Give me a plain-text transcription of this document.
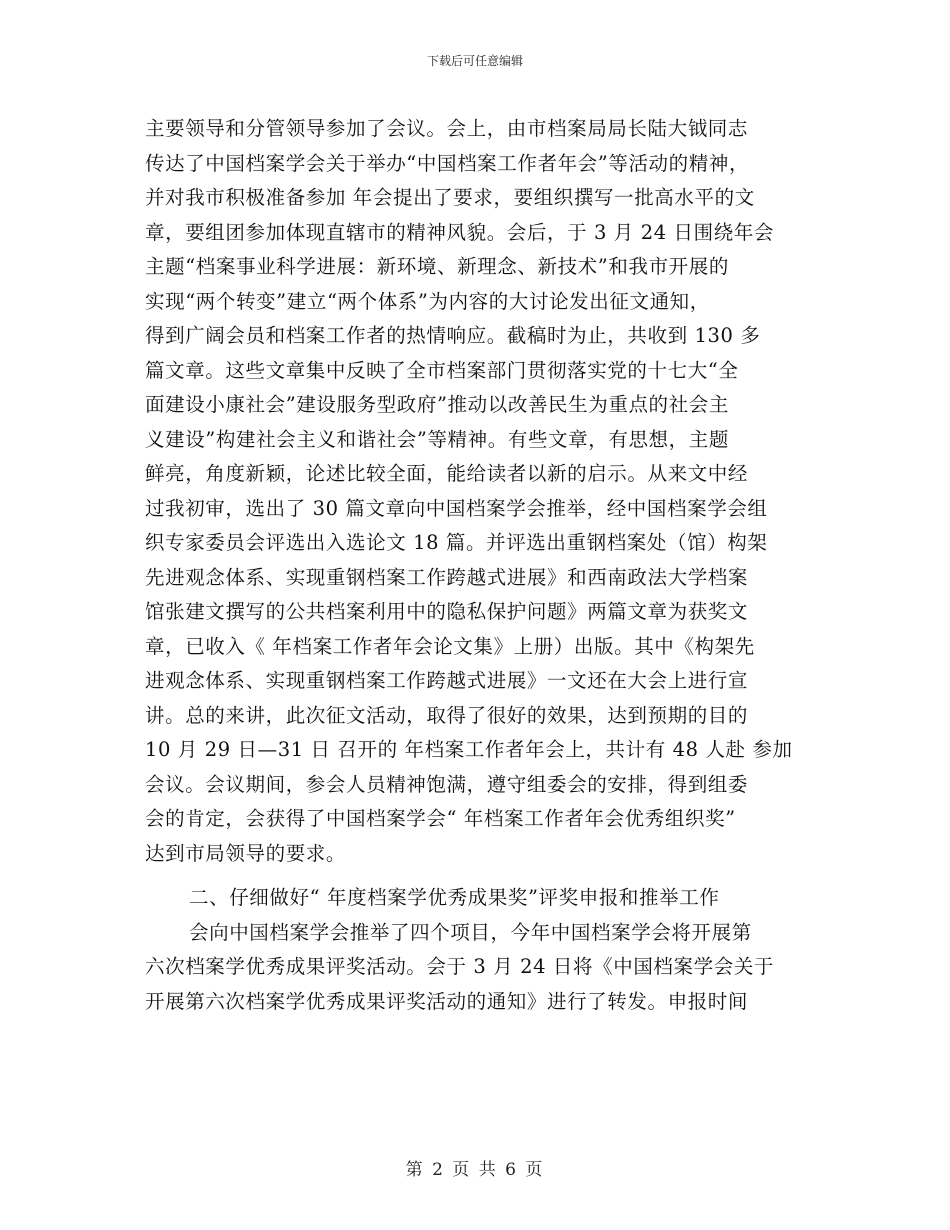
下载后可任意编辑
主要领导和分管领导参加了会议。会上，由市档案局局长陆大钺同志
传达了中国档案学会关于举办“中国档案工作者年会”等活动的精神，
并对我市积极准备参加 年会提出了要求，要组织撰写一批高水平的文
章，要组团参加体现直辖市的精神风貌。会后，于 3 月 24 日围绕年会
主题“档案事业科学进展：新环境、新理念、新技术”和我市开展的
实现“两个转变”建立“两个体系”为内容的大讨论发出征文通知，
得到广阔会员和档案工作者的热情响应。截稿时为止，共收到 130 多
篇文章。这些文章集中反映了全市档案部门贯彻落实党的十七大“全
面建设小康社会”建设服务型政府”推动以改善民生为重点的社会主
义建设”构建社会主义和谐社会”等精神。有些文章，有思想，主题
鲜亮，角度新颖，论述比较全面，能给读者以新的启示。从来文中经
过我初审，选出了 30 篇文章向中国档案学会推举，经中国档案学会组
织专家委员会评选出入选论文 18 篇。并评选出重钢档案处（馆）构架
先进观念体系、实现重钢档案工作跨越式进展》和西南政法大学档案
馆张建文撰写的公共档案利用中的隐私保护问题》两篇文章为获奖文
章，已收入《 年档案工作者年会论文集》上册）出版。其中《构架先
进观念体系、实现重钢档案工作跨越式进展》一文还在大会上进行宣
讲。总的来讲，此次征文活动，取得了很好的效果，达到预期的目的
10 月 29 日—31 日 召开的 年档案工作者年会上，共计有 48 人赴 参加
会议。会议期间，参会人员精神饱满，遵守组委会的安排，得到组委
会的肯定，会获得了中国档案学会“ 年档案工作者年会优秀组织奖”
达到市局领导的要求。
二、仔细做好“ 年度档案学优秀成果奖”评奖申报和推举工作
会向中国档案学会推举了四个项目，今年中国档案学会将开展第
六次档案学优秀成果评奖活动。会于 3 月 24 日将《中国档案学会关于
开展第六次档案学优秀成果评奖活动的通知》进行了转发。申报时间
第 2 页 共 6 页
